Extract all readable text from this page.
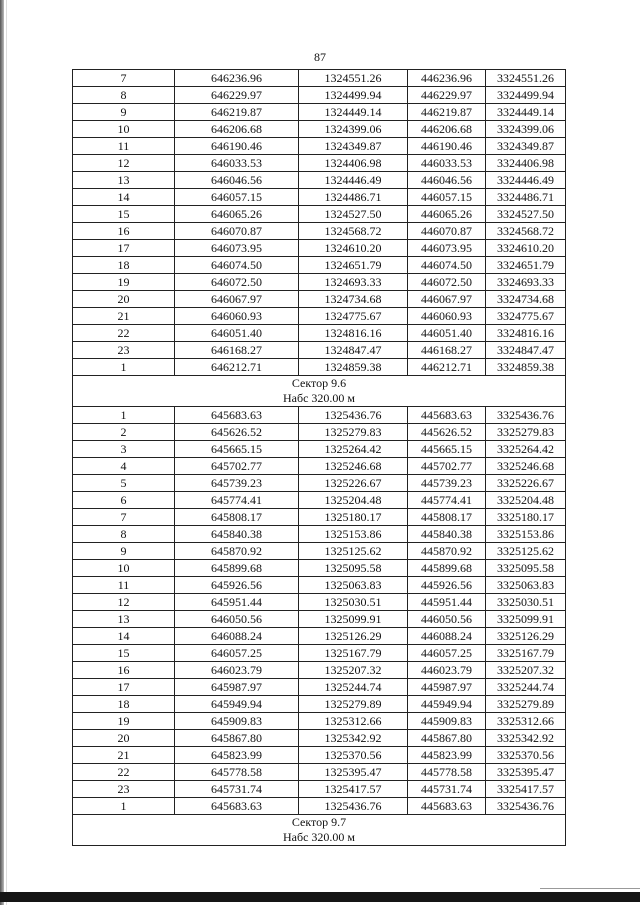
87
7	646236.96	1324551.26	446236.96	3324551.26
8	646229.97	1324499.94	446229.97	3324499.94
9	646219.87	1324449.14	446219.87	3324449.14
10	646206.68	1324399.06	446206.68	3324399.06
11	646190.46	1324349.87	446190.46	3324349.87
12	646033.53	1324406.98	446033.53	3324406.98
13	646046.56	1324446.49	446046.56	3324446.49
14	646057.15	1324486.71	446057.15	3324486.71
15	646065.26	1324527.50	446065.26	3324527.50
16	646070.87	1324568.72	446070.87	3324568.72
17	646073.95	1324610.20	446073.95	3324610.20
18	646074.50	1324651.79	446074.50	3324651.79
19	646072.50	1324693.33	446072.50	3324693.33
20	646067.97	1324734.68	446067.97	3324734.68
21	646060.93	1324775.67	446060.93	3324775.67
22	646051.40	1324816.16	446051.40	3324816.16
23	646168.27	1324847.47	446168.27	3324847.47
1	646212.71	1324859.38	446212.71	3324859.38

Сектор 9.6
Набс 320.00 м				

1	645683.63	1325436.76	445683.63	3325436.76
2	645626.52	1325279.83	445626.52	3325279.83
3	645665.15	1325264.42	445665.15	3325264.42
4	645702.77	1325246.68	445702.77	3325246.68
5	645739.23	1325226.67	445739.23	3325226.67
6	645774.41	1325204.48	445774.41	3325204.48
7	645808.17	1325180.17	445808.17	3325180.17
8	645840.38	1325153.86	445840.38	3325153.86
9	645870.92	1325125.62	445870.92	3325125.62
10	645899.68	1325095.58	445899.68	3325095.58
11	645926.56	1325063.83	445926.56	3325063.83
12	645951.44	1325030.51	445951.44	3325030.51
13	646050.56	1325099.91	446050.56	3325099.91
14	646088.24	1325126.29	446088.24	3325126.29
15	646057.25	1325167.79	446057.25	3325167.79
16	646023.79	1325207.32	446023.79	3325207.32
17	645987.97	1325244.74	445987.97	3325244.74
18	645949.94	1325279.89	445949.94	3325279.89
19	645909.83	1325312.66	445909.83	3325312.66
20	645867.80	1325342.92	445867.80	3325342.92
21	645823.99	1325370.56	445823.99	3325370.56
22	645778.58	1325395.47	445778.58	3325395.47
23	645731.74	1325417.57	445731.74	3325417.57
1	645683.63	1325436.76	445683.63	3325436.76

Сектор 9.7
Набс 320.00 м				
